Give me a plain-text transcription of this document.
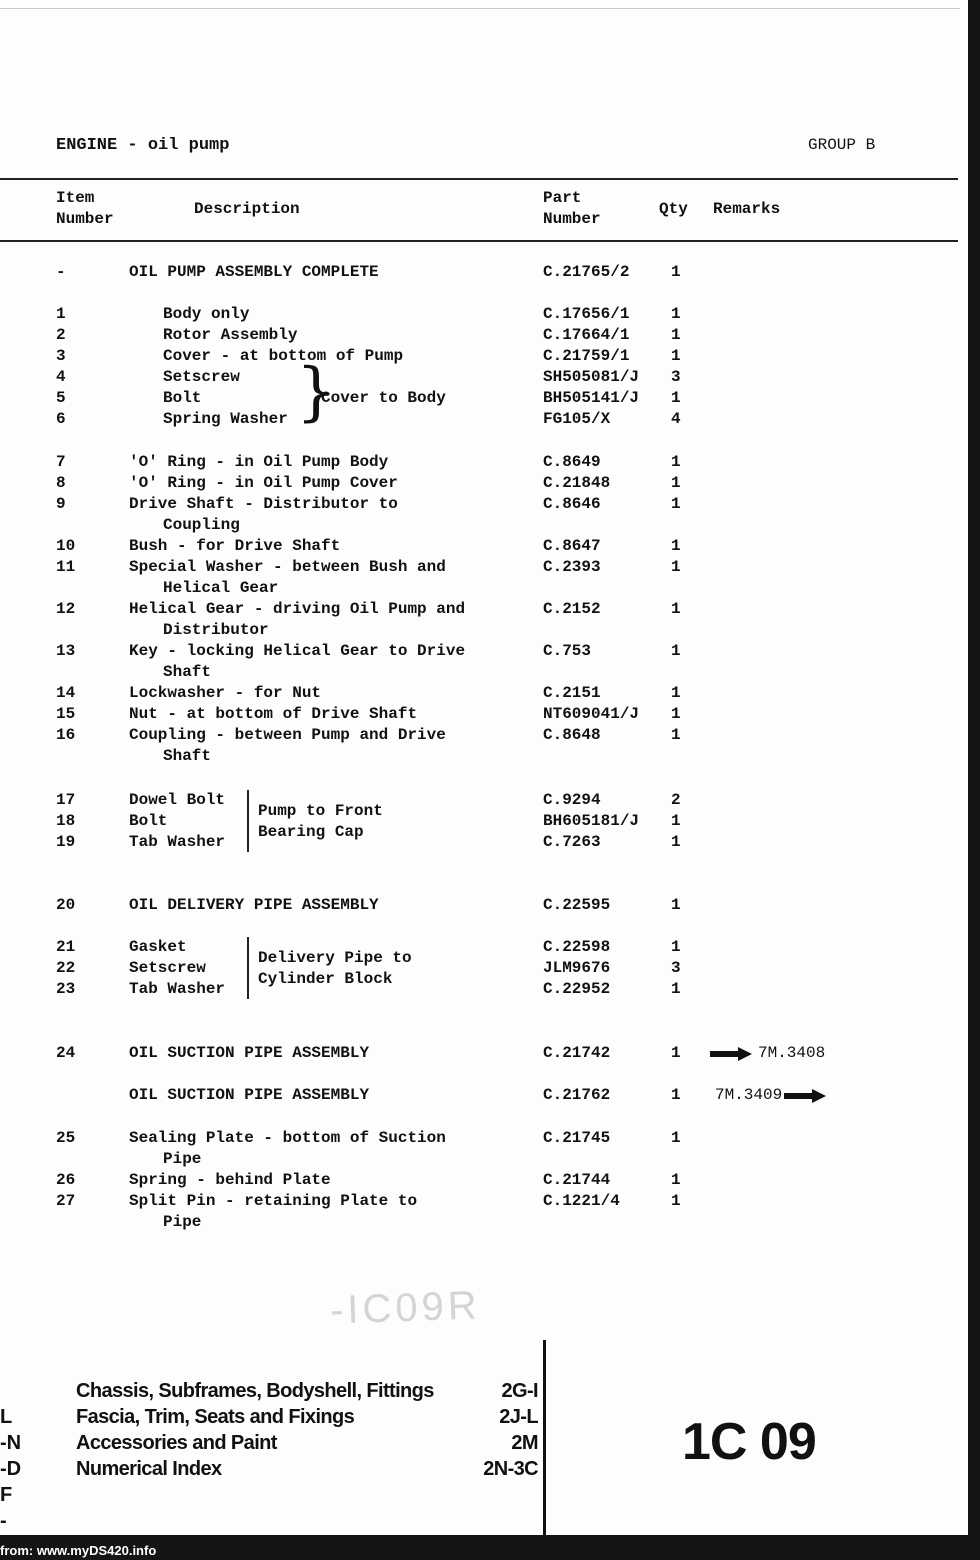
ENGINE - oil pump	GROUP B
Item
Number
Description
Part
Number
Qty Remarks
-	OIL PUMP ASSEMBLY COMPLETE	C.21765/2	1
1	Body only	C.17656/1	1
2	Rotor Assembly	C.17664/1	1
3	Cover - at bottom of Pump	C.21759/1	1
4	Setscrew	SH505081/J 3
5	Bolt	BH505141/J 1
6	Spring Washer	FG105/X	4
}
Cover to Body
7	'O' Ring - in Oil Pump Body	C.8649	1
8	'O' Ring - in Oil Pump Cover	C.21848	1
9	Drive Shaft - Distributor to	C.8646	1
Coupling
10	Bush - for Drive Shaft	C.8647	1
11	Special Washer - between Bush and	C.2393	1
Helical Gear
12	Helical Gear - driving Oil Pump and	C.2152	1
Distributor
13	Key - locking Helical Gear to Drive	C.753	1
Shaft
14	Lockwasher - for Nut	C.2151	1
15	Nut - at bottom of Drive Shaft	NT609041/J 1
16	Coupling - between Pump and Drive	C.8648	1
Shaft
17	Dowel Bolt	C.9294	2
18	Bolt	BH605181/J 1
19	Tab Washer	C.7263	1
Pump to Front
Bearing Cap
20	OIL DELIVERY PIPE ASSEMBLY	C.22595	1
21	Gasket	C.22598	1
22	Setscrew	JLM9676	3
23	Tab Washer	C.22952	1
Delivery Pipe to
Cylinder Block
24	OIL SUCTION PIPE ASSEMBLY	C.21742	1	7M.3408
OIL SUCTION PIPE ASSEMBLY	C.21762	1 7M.3409
25	Sealing Plate - bottom of Suction	C.21745	1
Pipe
26	Spring - behind Plate	C.21744	1
27	Split Pin - retaining Plate to	C.1221/4	1
Pipe
-IC09R
Chassis, Subframes, Bodyshell, Fittings	2G-I
Fascia, Trim, Seats and Fixings	2J-L
Accessories and Paint	2M
Numerical Index	2N-3C
L
-N
-D
F
-
1C 09
from: www.myDS420.info
